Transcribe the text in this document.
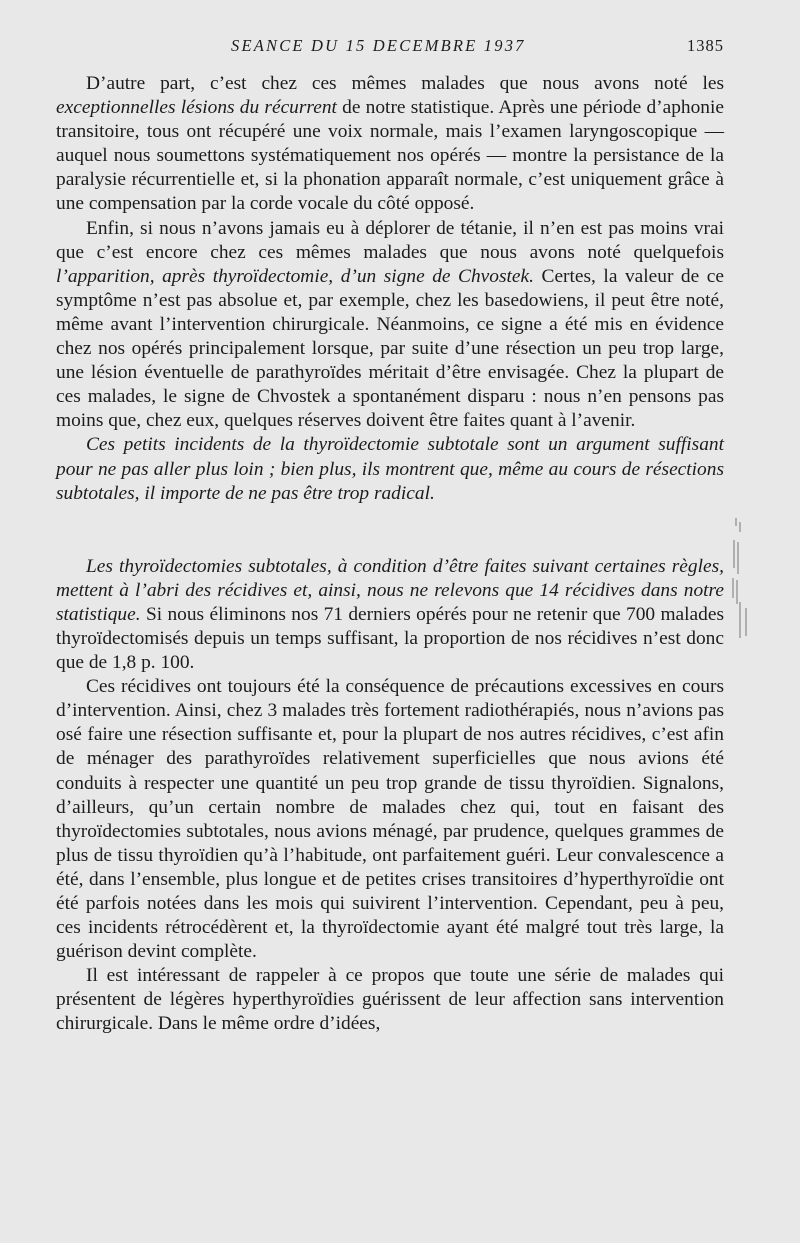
SEANCE DU 15 DECEMBRE 1937	1385

D’autre part, c’est chez ces mêmes malades que nous avons noté les exceptionnelles lésions du récurrent de notre statistique. Après une période d’aphonie transitoire, tous ont récupéré une voix normale, mais l’examen laryngoscopique — auquel nous soumettons systématiquement nos opérés — montre la persistance de la paralysie récurrentielle et, si la phonation apparaît normale, c’est uniquement grâce à une compensation par la corde vocale du côté opposé.

Enfin, si nous n’avons jamais eu à déplorer de tétanie, il n’en est pas moins vrai que c’est encore chez ces mêmes malades que nous avons noté quelquefois l’apparition, après thyroïdectomie, d’un signe de Chvostek. Certes, la valeur de ce symptôme n’est pas absolue et, par exemple, chez les basedowiens, il peut être noté, même avant l’intervention chirurgicale. Néanmoins, ce signe a été mis en évidence chez nos opérés principalement lorsque, par suite d’une résection un peu trop large, une lésion éventuelle de parathyroïdes méritait d’être envisagée. Chez la plupart de ces malades, le signe de Chvostek a spontanément disparu : nous n’en pensons pas moins que, chez eux, quelques réserves doivent être faites quant à l’avenir.

Ces petits incidents de la thyroïdectomie subtotale sont un argument suffisant pour ne pas aller plus loin ; bien plus, ils montrent que, même au cours de résections subtotales, il importe de ne pas être trop radical.

Les thyroïdectomies subtotales, à condition d’être faites suivant certaines règles, mettent à l’abri des récidives et, ainsi, nous ne relevons que 14 récidives dans notre statistique. Si nous éliminons nos 71 derniers opérés pour ne retenir que 700 malades thyroïdectomisés depuis un temps suffisant, la proportion de nos récidives n’est donc que de 1,8 p. 100.

Ces récidives ont toujours été la conséquence de précautions excessives en cours d’intervention. Ainsi, chez 3 malades très fortement radiothérapiés, nous n’avions pas osé faire une résection suffisante et, pour la plupart de nos autres récidives, c’est afin de ménager des parathyroïdes relativement superficielles que nous avions été conduits à respecter une quantité un peu trop grande de tissu thyroïdien. Signalons, d’ailleurs, qu’un certain nombre de malades chez qui, tout en faisant des thyroïdectomies subtotales, nous avions ménagé, par prudence, quelques grammes de plus de tissu thyroïdien qu’à l’habitude, ont parfaitement guéri. Leur convalescence a été, dans l’ensemble, plus longue et de petites crises transitoires d’hyperthyroïdie ont été parfois notées dans les mois qui suivirent l’intervention. Cependant, peu à peu, ces incidents rétrocédèrent et, la thyroïdectomie ayant été malgré tout très large, la guérison devint complète.

Il est intéressant de rappeler à ce propos que toute une série de malades qui présentent de légères hyperthyroïdies guérissent de leur affection sans intervention chirurgicale. Dans le même ordre d’idées,
